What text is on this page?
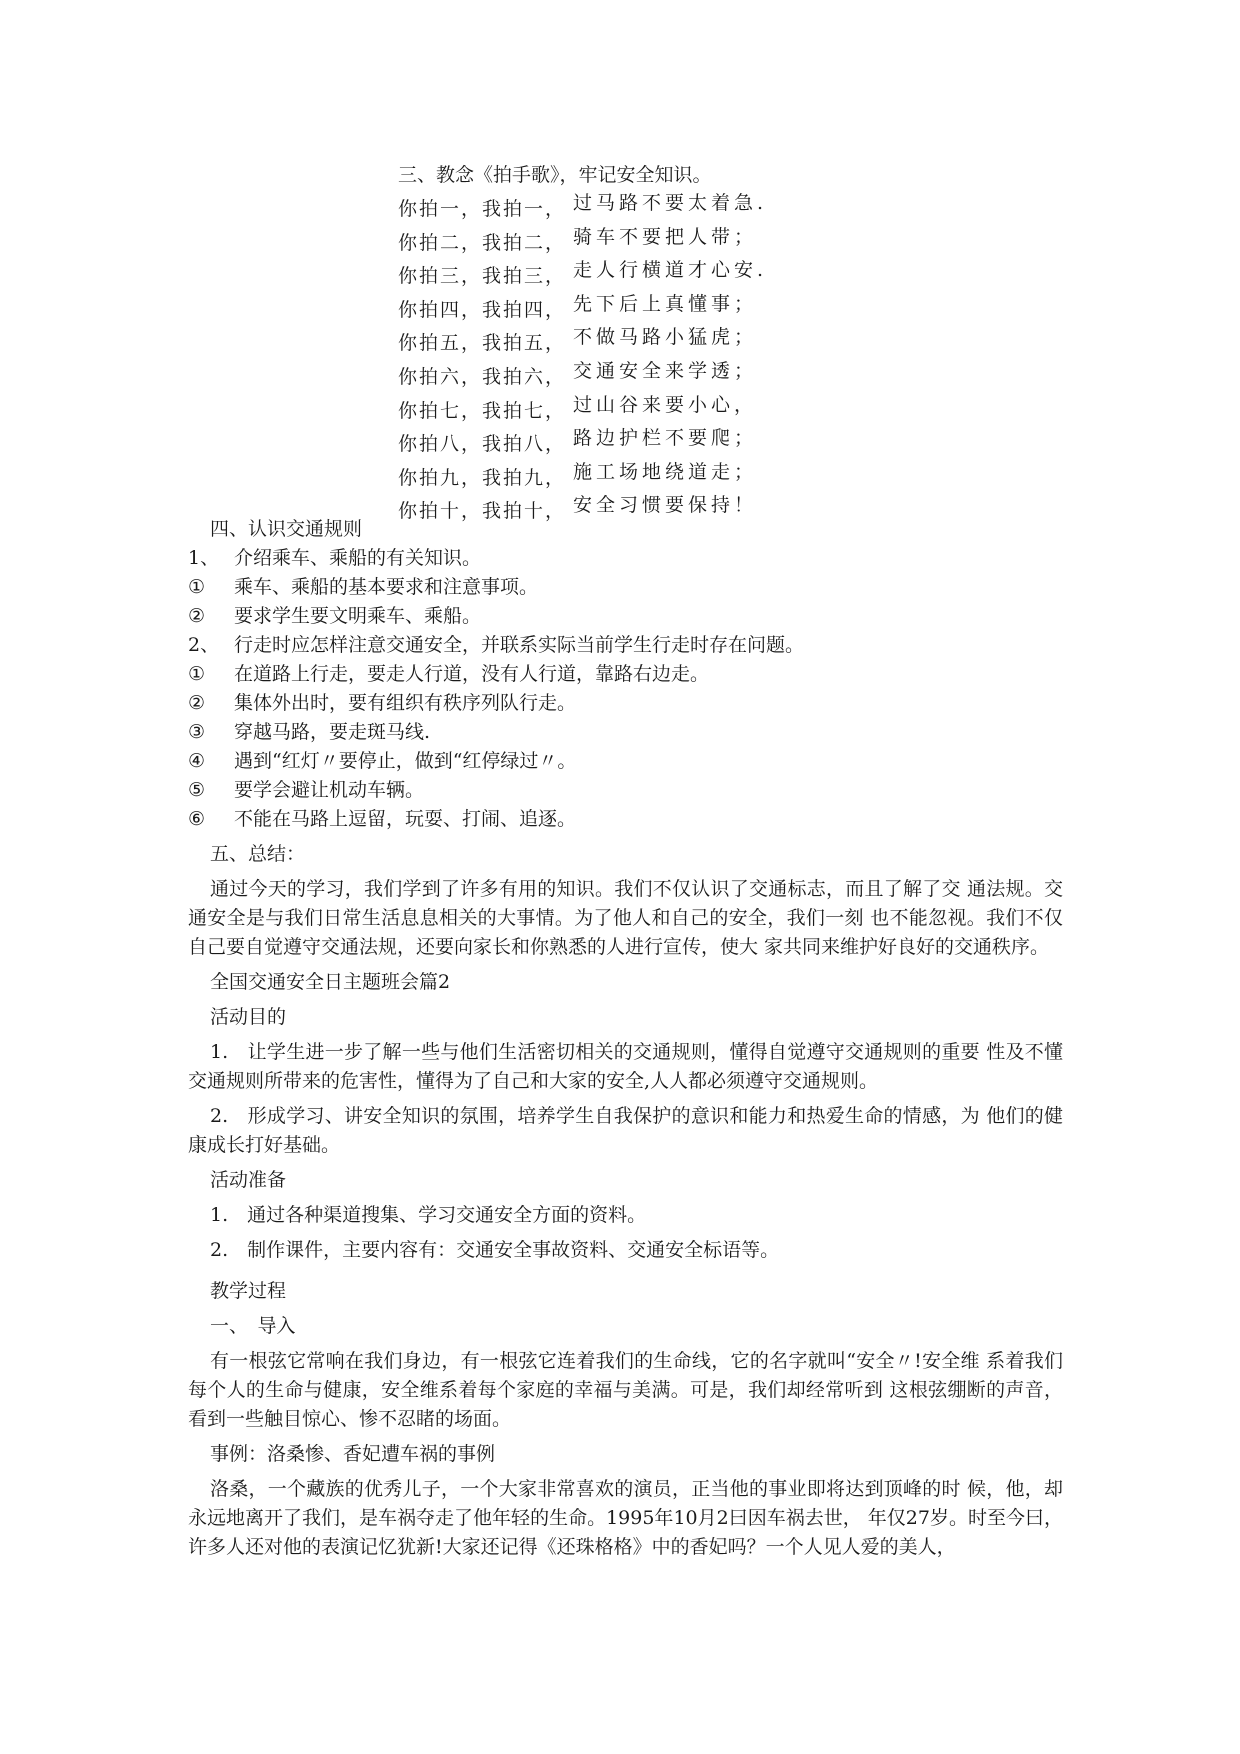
三、教念《拍手歌》，牢记安全知识。
你拍一，我拍一，
你拍二，我拍二，
你拍三，我拍三，
你拍四，我拍四，
你拍五，我拍五，
你拍六，我拍六，
你拍七，我拍七，
你拍八，我拍八，
你拍九，我拍九，
你拍十，我拍十，
过马路不要太着急.
骑车不要把人带；
走人行横道才心安.
先下后上真懂事；
不做马路小猛虎；
交通安全来学透；
过山谷来要小心，
路边护栏不要爬；
施工场地绕道走；
安全习惯要保持！
四、认识交通规则
1、 介绍乘车、乘船的有关知识。
① 乘车、乘船的基本要求和注意事项。
② 要求学生要文明乘车、乘船。
2、 行走时应怎样注意交通安全，并联系实际当前学生行走时存在问题。
① 在道路上行走，要走人行道，没有人行道，靠路右边走。
② 集体外出时，要有组织有秩序列队行走。
③ 穿越马路，要走斑马线.
④ 遇到“红灯〃要停止，做到“红停绿过〃。
⑤ 要学会避让机动车辆。
⑥ 不能在马路上逗留，玩耍、打闹、追逐。
五、总结：

通过今天的学习，我们学到了许多有用的知识。我们不仅认识了交通标志，而且了解了交 通法规。交通安全是与我们日常生活息息相关的大事情。为了他人和自己的安全，我们一刻 也不能忽视。我们不仅自己要自觉遵守交通法规，还要向家长和你熟悉的人进行宣传，使大 家共同来维护好良好的交通秩序。

全国交通安全日主题班会篇2
活动目的

1.　让学生进一步了解一些与他们生活密切相关的交通规则，懂得自觉遵守交通规则的重要 性及不懂交通规则所带来的危害性，懂得为了自己和大家的安全,人人都必须遵守交通规则。

2.　形成学习、讲安全知识的氛围，培养学生自我保护的意识和能力和热爱生命的情感，为 他们的健康成长打好基础。

活动准备
1.　通过各种渠道搜集、学习交通安全方面的资料。
2.　制作课件，主要内容有：交通安全事故资料、交通安全标语等。
教学过程
一、　导入

有一根弦它常响在我们身边，有一根弦它连着我们的生命线，它的名字就叫“安全〃!安全维 系着我们每个人的生命与健康，安全维系着每个家庭的幸福与美满。可是，我们却经常听到 这根弦绷断的声音，看到一些触目惊心、惨不忍睹的场面。

事例：洛桑惨、香妃遭车祸的事例

洛桑，一个藏族的优秀儿子，一个大家非常喜欢的演员，正当他的事业即将达到顶峰的时 候，他，却永远地离开了我们，是车祸夺走了他年轻的生命。1995年10月2曰因车祸去世， 年仅27岁。时至今曰，许多人还对他的表演记忆犹新!大家还记得《还珠格格》中的香妃吗？一个人见人爱的美人，
